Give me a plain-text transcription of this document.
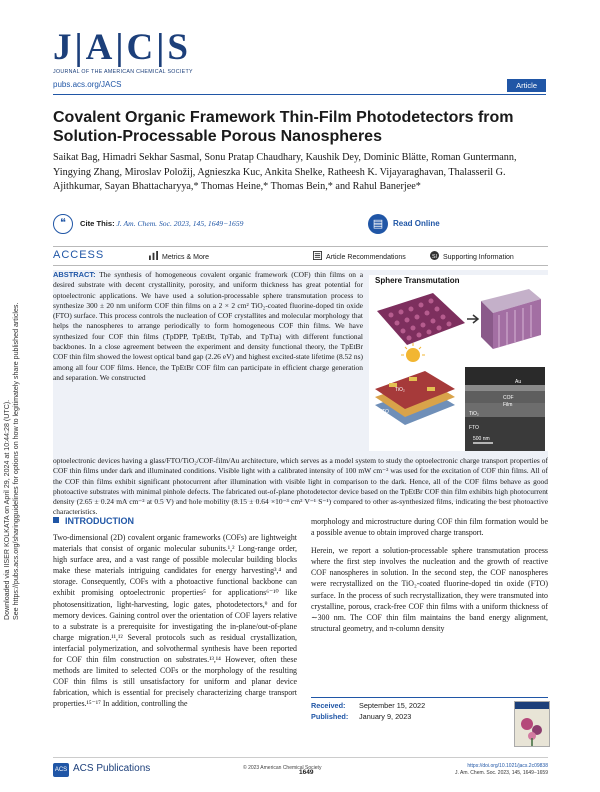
Downloaded via IISER KOLKATA on April 29, 2024 at 10:44:28 (UTC). See https://pubs.acs.org/sharingguidelines for options on how to legitimately share published articles.
J|A|C|S
JOURNAL OF THE AMERICAN CHEMICAL SOCIETY
pubs.acs.org/JACS	Article
Covalent Organic Framework Thin-Film Photodetectors from Solution-Processable Porous Nanospheres
Saikat Bag, Himadri Sekhar Sasmal, Sonu Pratap Chaudhary, Kaushik Dey, Dominic Blätte, Roman Guntermann, Yingying Zhang, Miroslav Položij, Agnieszka Kuc, Ankita Shelke, Ratheesh K. Vijayaraghavan, Thalasseril G. Ajithkumar, Sayan Bhattacharyya,* Thomas Heine,* Thomas Bein,* and Rahul Banerjee*
❝	Cite This: J. Am. Chem. Soc. 2023, 145, 1649−1659	▤	Read Online
ACCESS	Metrics & More	Article Recommendations	SI Supporting Information
ABSTRACT: The synthesis of homogeneous covalent organic framework (COF) thin films on a desired substrate with decent crystallinity, porosity, and uniform thickness has great potential for optoelectronic applications. We have used a solution-processable sphere transmutation process to synthesize 300 ± 20 nm uniform COF thin films on a 2 × 2 cm² TiO₂-coated fluorine-doped tin oxide (FTO) surface. This process controls the nucleation of COF crystallites and molecular morphology that helps the nanospheres to arrange periodically to form homogeneous COF thin films. We have synthesized four COF thin films (TpDPP, TpEtBt, TpTab, and TpTta) with different functional backbones. In a close agreement between the experiment and density functional theory, the TpEtBr COF thin film showed the lowest optical band gap (2.26 eV) and highest excited-state lifetime (8.52 ns) among all four COF films. Hence, the TpEtBr COF film can participate in efficient charge generation and separation. We constructed
Sphere Transmutation
TiO₂
FTO
Au
COF
Film
TiO₂
FTO
500 nm
optoelectronic devices having a glass/FTO/TiO₂/COF-film/Au architecture, which serves as a model system to study the optoelectronic charge transport properties of COF thin films under dark and illuminated conditions. Visible light with a calibrated intensity of 100 mW cm⁻² was used for the excitation of COF thin films. All of the COF thin films exhibit significant photocurrent after illumination with visible light in comparison to the dark. Hence, all of the COF films behave as good photoactive substrates with minimal pinhole defects. The fabricated out-of-plane photodetector device based on the TpEtBr COF thin film exhibits high photocurrent density (2.65 ± 0.24 mA cm⁻² at 0.5 V) and hole mobility (8.15 ± 0.64 ×10⁻³ cm² V⁻¹ S⁻¹) compared to other as-synthesized films, indicating the best photoactive characteristics.
INTRODUCTION

Two-dimensional (2D) covalent organic frameworks (COFs) are lightweight materials that consist of organic molecular subunits.¹,² Long-range order, high surface area, and a vast range of possible molecular building blocks make these materials intriguing candidates for energy harvesting³,⁴ and storage. Consequently, COFs with a photoactive functional backbone can exhibit promising optoelectronic properties⁵ for applications⁶⁻¹⁰ like photosensitization, light-harvesting, logic gates, photodetectors,⁹ and for memory devices. Gaining control over the orientation of COF layers relative to a substrate is a prerequisite for investigating the in-plane/out-of-plane charge migration.¹¹,¹² Several protocols such as residual crystallization, interfacial polymerization, and solvothermal synthesis have been reported for COF thin film construction on substrates.¹³,¹⁴ However, often these methods are limited to selected COFs or the morphology of the resulting COF thin films is still unsatisfactory for uniform and planar device fabrication, which is essential for precisely characterizing charge transport properties.¹⁵⁻¹⁷ In addition, controlling the

morphology and microstructure during COF thin film formation would be a possible avenue to obtain improved charge transport.

Herein, we report a solution-processable sphere transmutation process where the first step involves the nucleation and the growth of reactive COF nanospheres in solution. In the second step, the COF nanospheres were recrystallized on the TiO₂-coated fluorine-doped tin oxide (FTO) surface. In the process of such recrystallization, they were transmuted into crystalline, porous, crack-free COF thin films with a uniform thickness of ∼300 nm. The COF thin film maintains the band energy alignment, structural geometry, and π-column density

Received: September 15, 2022
Published: January 9, 2023
ACS ACS Publications	© 2023 American Chemical Society
1649
https://doi.org/10.1021/jacs.2c09838
J. Am. Chem. Soc. 2023, 145, 1649−1659
